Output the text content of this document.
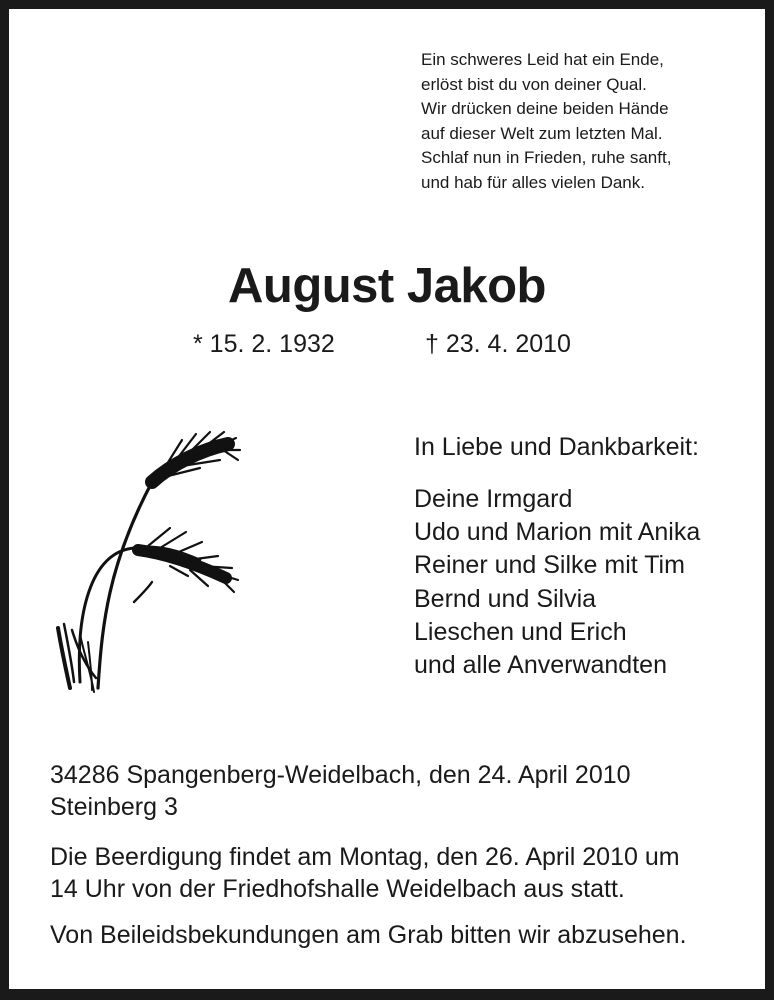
Ein schweres Leid hat ein Ende,
erlöst bist du von deiner Qual.
Wir drücken deine beiden Hände
auf dieser Welt zum letzten Mal.
Schlaf nun in Frieden, ruhe sanft,
und hab für alles vielen Dank.
August Jakob
* 15. 2. 1932	† 23. 4. 2010
In Liebe und Dankbarkeit:
Deine Irmgard
Udo und Marion mit Anika
Reiner und Silke mit Tim
Bernd und Silvia
Lieschen und Erich
und alle Anverwandten
34286 Spangenberg-Weidelbach, den 24. April 2010
Steinberg 3
Die Beerdigung findet am Montag, den 26. April 2010 um
14 Uhr von der Friedhofshalle Weidelbach aus statt.
Von Beileidsbekundungen am Grab bitten wir abzusehen.
